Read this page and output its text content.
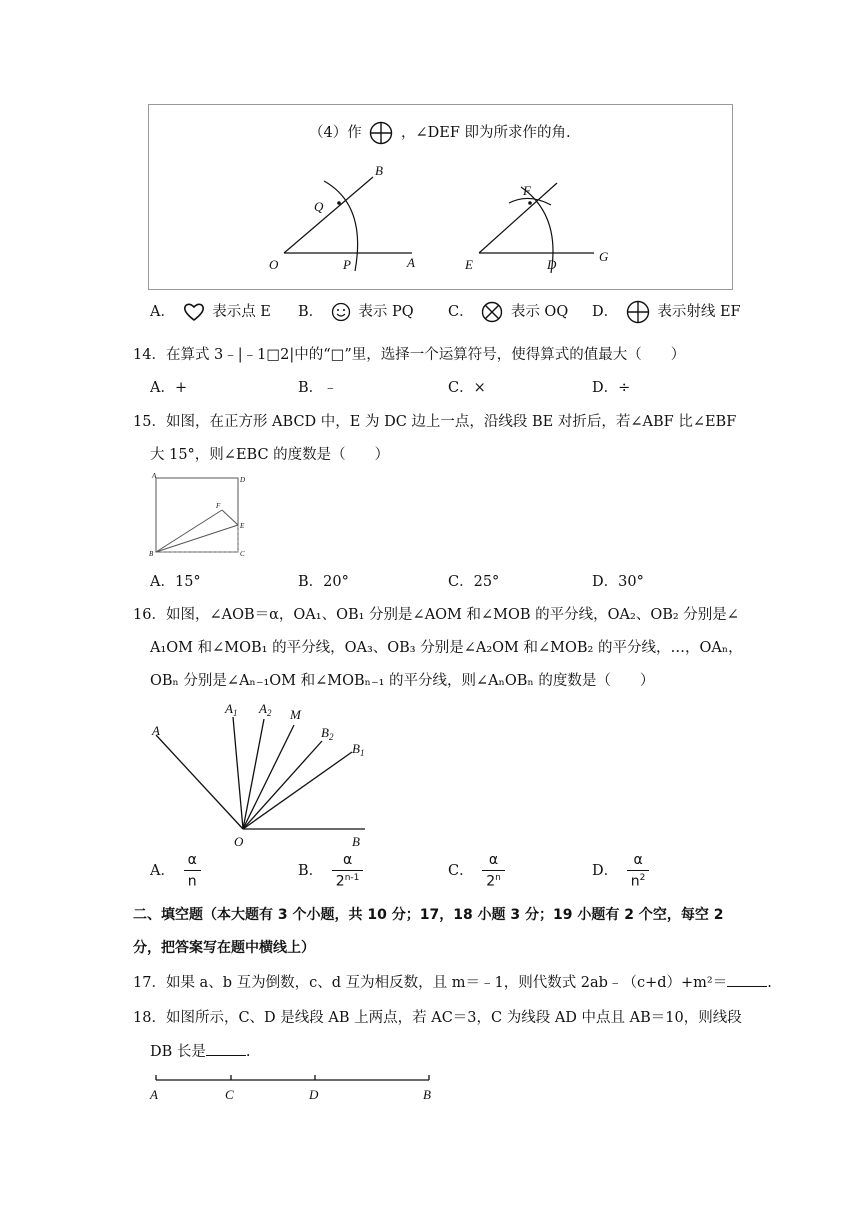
（4）作	，∠DEF 即为所求作的角.
B
Q
O	P	A
F
E	D
G
A．	表示点 E B． 表示 PQ C．	表示 OQ D．	表示射线 EF
14．在算式 3﹣|﹣1□2|中的“□”里，选择一个运算符号，使得算式的值最大（　　）
A．+	B．﹣	C．×	D．÷
15．如图，在正方形 ABCD 中，E 为 DC 边上一点，沿线段 BE 对折后，若∠ABF 比∠EBF
大 15°，则∠EBC 的度数是（　　）
A	D
F
E
B	C
A．15°	B．20°	C．25°	D．30°
16．如图，∠AOB＝α，OA₁、OB₁ 分别是∠AOM 和∠MOB 的平分线，OA₂、OB₂ 分别是∠
A₁OM 和∠MOB₁ 的平分线，OA₃、OB₃ 分别是∠A₂OM 和∠MOB₂ 的平分线，…，OAₙ，
OBₙ 分别是∠Aₙ₋₁OM 和∠MOBₙ₋₁ 的平分线，则∠AₙOBₙ 的度数是（　　）
A
$A_1$ $A_2$ M
$B_2$
$B_1$
O	B
A． $\frac{\alpha}{n}$	B． $\frac{\alpha}{2^{n-1}}$	C． $\frac{\alpha}{2^n}$	D． $\frac{\alpha}{n^2}$
二、填空题（本大题有 3 个小题，共 10 分；17，18 小题 3 分；19 小题有 2 个空，每空 2
分，把答案写在题中横线上）
17．如果 a、b 互为倒数，c、d 互为相反数，且 m＝﹣1，则代数式 2ab﹣（c+d）+m²＝	.
18．如图所示，C、D 是线段 AB 上两点，若 AC＝3，C 为线段 AD 中点且 AB＝10，则线段
DB 长是	.
A	C	D	B
